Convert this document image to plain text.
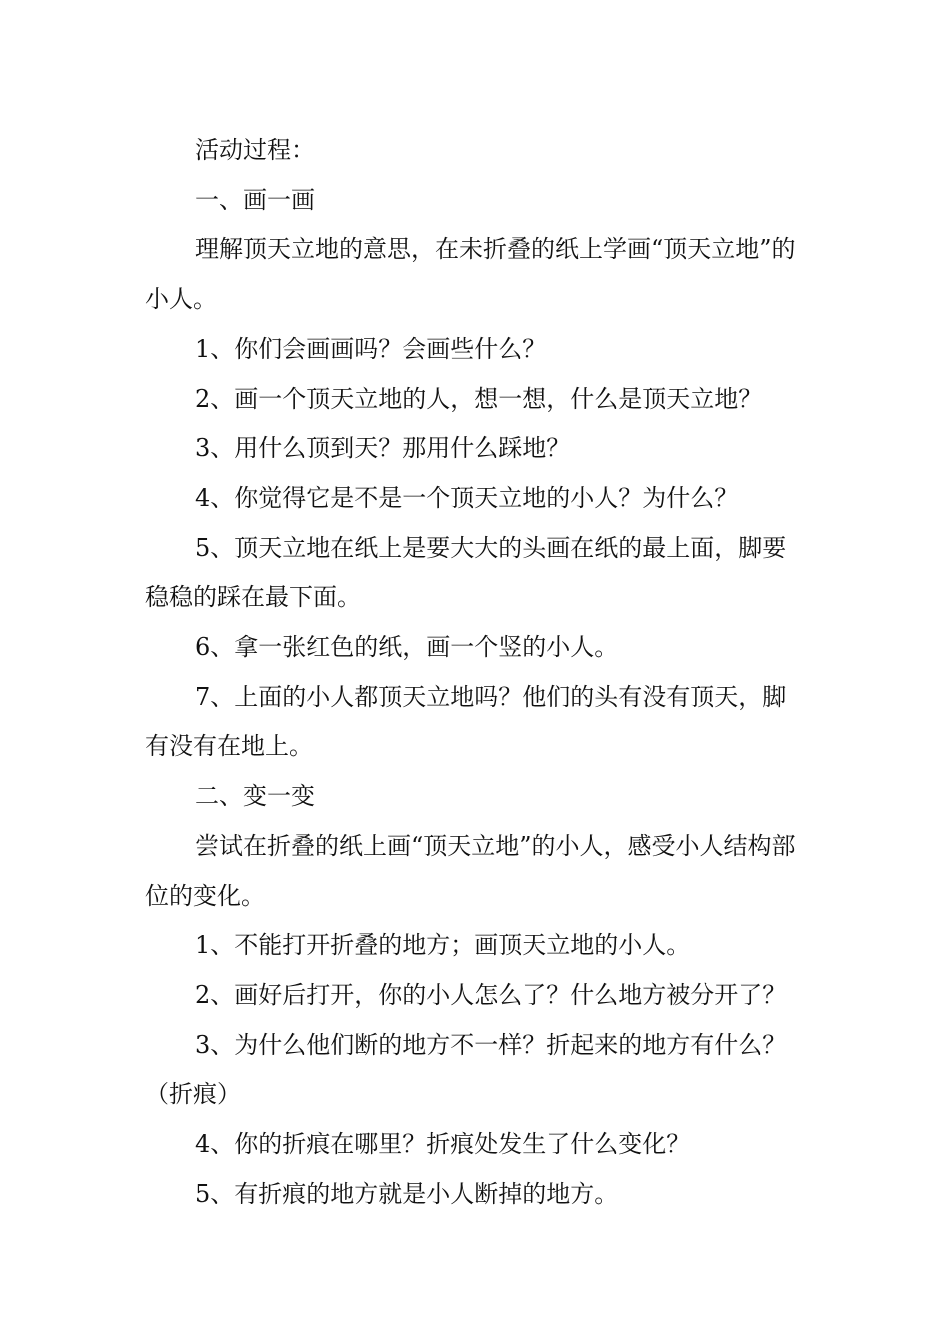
活动过程：

一、画一画

理解顶天立地的意思，在未折叠的纸上学画“顶天立地”的小人。

1、你们会画画吗？会画些什么？

2、画一个顶天立地的人，想一想，什么是顶天立地？

3、用什么顶到天？那用什么踩地？

4、你觉得它是不是一个顶天立地的小人？为什么？

5、顶天立地在纸上是要大大的头画在纸的最上面，脚要稳稳的踩在最下面。

6、拿一张红色的纸，画一个竖的小人。

7、上面的小人都顶天立地吗？他们的头有没有顶天，脚有没有在地上。

二、变一变

尝试在折叠的纸上画“顶天立地”的小人，感受小人结构部位的变化。

1、不能打开折叠的地方；画顶天立地的小人。

2、画好后打开，你的小人怎么了？什么地方被分开了？

3、为什么他们断的地方不一样？折起来的地方有什么？（折痕）

4、你的折痕在哪里？折痕处发生了什么变化？

5、有折痕的地方就是小人断掉的地方。
